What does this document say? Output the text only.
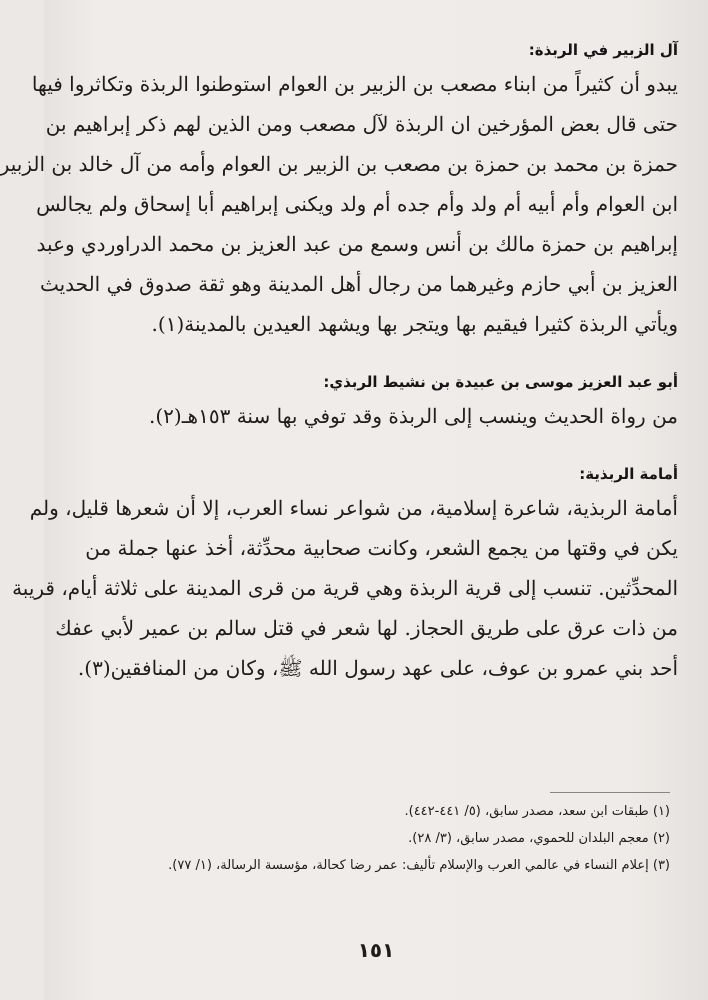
آل الزبير في الربذة:

يبدو أن كثيراً من ابناء مصعب بن الزبير بن العوام استوطنوا الربذة وتكاثروا فيها
حتى قال بعض المؤرخين ان الربذة لآل مصعب ومن الذين لهم ذكر إبراهيم بن
حمزة بن محمد بن حمزة بن مصعب بن الزبير بن العوام وأمه من آل خالد بن الزبير
ابن العوام وأم أبيه أم ولد وأم جده أم ولد ويكنى إبراهيم أبا إسحاق ولم يجالس
إبراهيم بن حمزة مالك بن أنس وسمع من عبد العزيز بن محمد الدراوردي وعبد
العزيز بن أبي حازم وغيرهما من رجال أهل المدينة وهو ثقة صدوق في الحديث
ويأتي الربذة كثيرا فيقيم بها ويتجر بها ويشهد العيدين بالمدينة(١).

أبو عبد العزيز موسى بن عبيدة بن نشيط الربذي:

من رواة الحديث وينسب إلى الربذة وقد توفي بها سنة ١٥٣هـ(٢).

أمامة الربذية:

أمامة الربذية، شاعرة إسلامية، من شواعر نساء العرب، إلا أن شعرها قليل، ولم
يكن في وقتها من يجمع الشعر، وكانت صحابية محدِّثة، أخذ عنها جملة من
المحدِّثين. تنسب إلى قرية الربذة وهي قرية من قرى المدينة على ثلاثة أيام، قريبة
من ذات عرق على طريق الحجاز. لها شعر في قتل سالم بن عمير لأبي عفك
أحد بني عمرو بن عوف، على عهد رسول الله ﷺ، وكان من المنافقين(٣).

(١) طبقات ابن سعد، مصدر سابق، (٥/ ٤٤١-٤٤٢).
(٢) معجم البلدان للحموي، مصدر سابق، (٣/ ٢٨).
(٣) إعلام النساء في عالمي العرب والإسلام تأليف: عمر رضا كحالة، مؤسسة الرسالة، (١/ ٧٧).
١٥١
